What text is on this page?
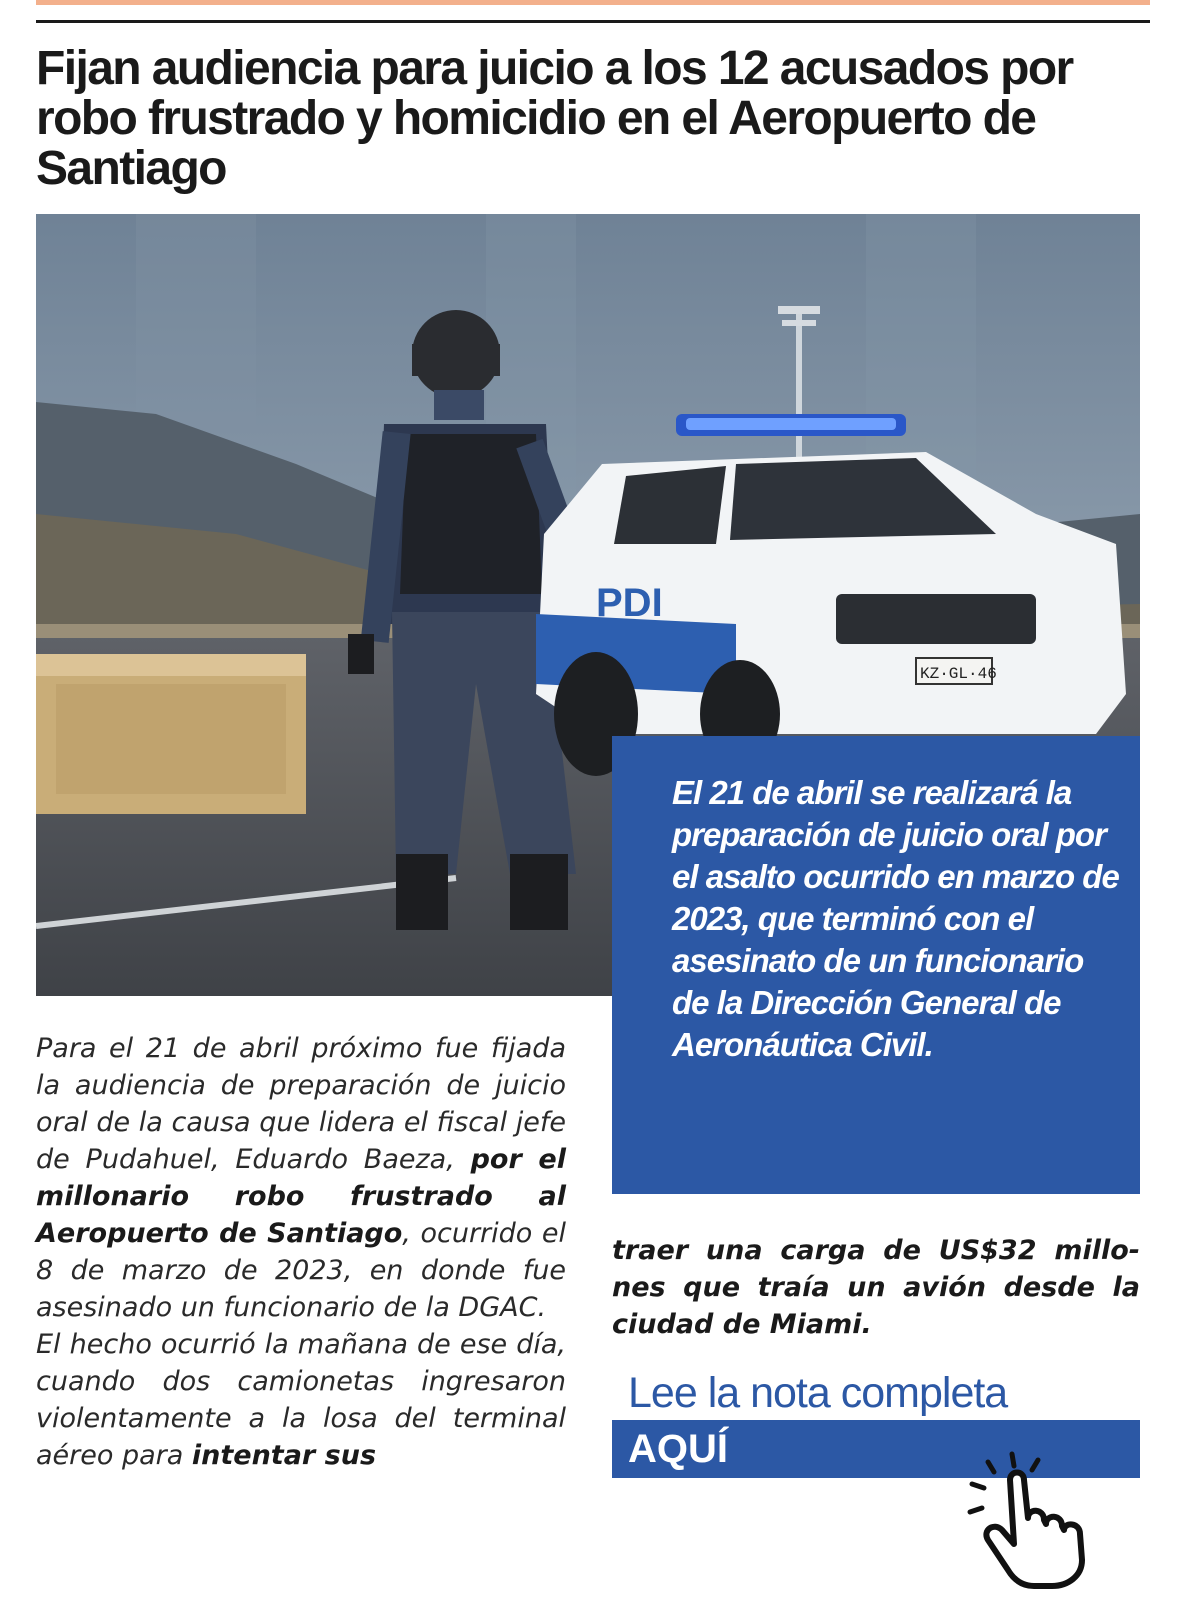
Fijan audiencia para juicio a los 12 acusados por robo frustrado y homicidio en el Aeropuerto de Santiago
PDI
KZ·GL·46

El 21 de abril se realizará la preparación de juicio oral por el asalto ocurrido en marzo de 2023, que terminó con el asesinato de un funcionario de la Dirección General de Aeronáutica Civil.

Para el 21 de abril próximo fue fijada la audiencia de preparación de juicio oral de la causa que lidera el fiscal jefe de Pudahuel, Eduardo Baeza, por el millonario robo frustrado al Aeropuerto de Santiago, ocurrido el 8 de marzo de 2023, en donde fue asesinado un funcionario de la DGAC.
El hecho ocurrió la mañana de ese día, cuando dos camionetas ingresaron violentamente a la losa del terminal aéreo para intentar sus

traer una carga de US$32 millones que traía un avión desde la ciudad de Miami.

Lee la nota completa

AQUÍ
